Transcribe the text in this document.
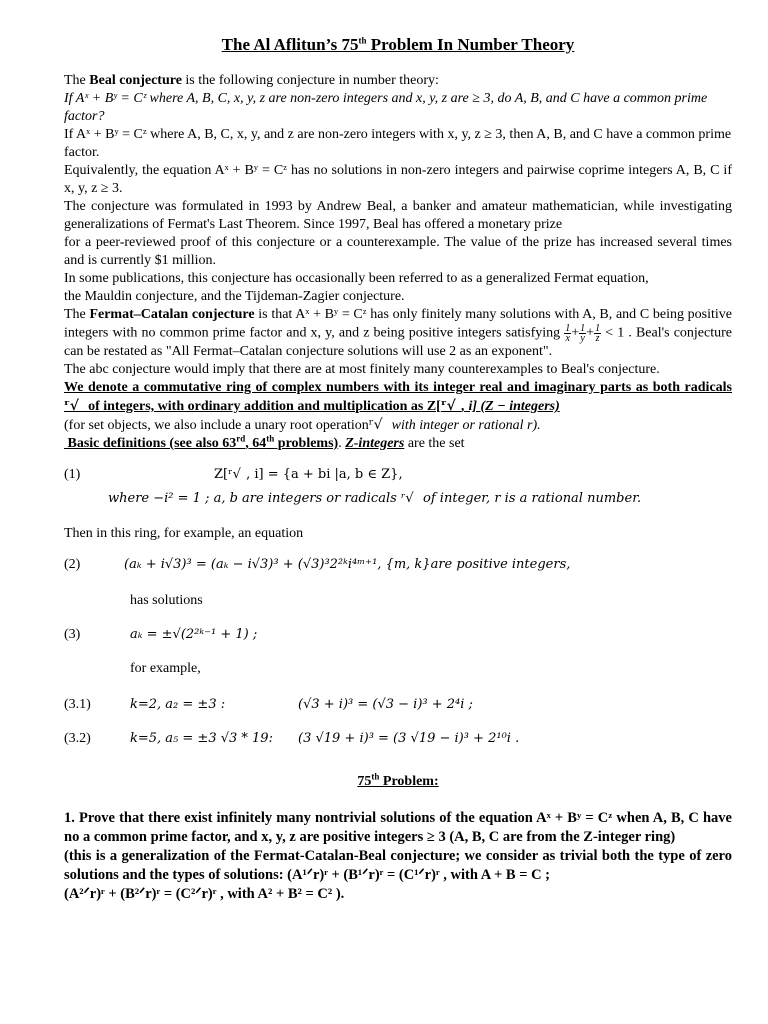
The Al Aflitun’s 75th Problem In Number Theory

The Beal conjecture is the following conjecture in number theory:

If Aˣ + Bʸ = Cᶻ where A, B, C, x, y, z are non-zero integers and x, y, z are ≥ 3, do A, B, and C have a common prime factor?

If Aˣ + Bʸ = Cᶻ where A, B, C, x, y, and z are non-zero integers with x, y, z ≥ 3, then A, B, and C have a common prime factor.

Equivalently, the equation Aˣ + Bʸ = Cᶻ has no solutions in non-zero integers and pairwise coprime integers A, B, C if x, y, z ≥ 3.

The conjecture was formulated in 1993 by Andrew Beal, a banker and amateur mathematician, while investigating generalizations of Fermat's Last Theorem. Since 1997, Beal has offered a monetary prize

for a peer-reviewed proof of this conjecture or a counterexample. The value of the prize has increased several times and is currently $1 million.

In some publications, this conjecture has occasionally been referred to as a generalized Fermat equation,

the Mauldin conjecture, and the Tijdeman-Zagier conjecture.

The Fermat–Catalan conjecture is that Aˣ + Bʸ = Cᶻ has only finitely many solutions with A, B, and C being positive integers with no common prime factor and x, y, and z being positive integers satisfying $\frac{1}{x} + \frac{1}{y} + \frac{1}{z} < 1$ . Beal's conjecture can be restated as "All Fermat–Catalan conjecture solutions will use 2 as an exponent".

The abc conjecture would imply that there are at most finitely many counterexamples to Beal's conjecture.

We denote a commutative ring of complex numbers with its integer real and imaginary parts as both radicals ʳ√   of integers, with ordinary addition and multiplication as Z[ʳ√  , i] (Z − integers)

(for set objects, we also include a unary root operationʳ√   with integer or rational r).

Basic definitions (see also 63rd, 64th problems). Z-integers are the set

(1)	Z[ʳ√  , i] = {a + bi |a, b ∈ Z},
where −i² = 1 ; a, b are integers or radicals ʳ√   of integer, r is a rational number.

Then in this ring, for example, an equation

(2)	(aₖ + i√3)³ = (aₖ − i√3)³ + (√3)³2²ᵏi⁴ᵐ⁺¹, {m, k}are positive integers,
has solutions
(3)	aₖ = ±√(2²ᵏ⁻¹ + 1) ;
for example,
(3.1)	k=2, a₂ = ±3 :	(√3 + i)³ = (√3 − i)³ + 2⁴i ;
(3.2)	k=5, a₅ = ±3 √3 * 19: (3 √19 + i)³ = (3 √19 − i)³ + 2¹⁰i .

75th Problem:

1. Prove that there exist infinitely many nontrivial solutions of the equation Aˣ + Bʸ = Cᶻ when A, B, C have no a common prime factor, and x, y, z are positive integers ≥ 3 (A, B, C are from the Z-integer ring)

(this is a generalization of the Fermat-Catalan-Beal conjecture; we consider as trivial both the type of zero solutions and the types of solutions: (A¹ᐟr)ʳ + (B¹ᐟr)ʳ = (C¹ᐟr)ʳ , with A + B = C ;

(A²ᐟr)ʳ + (B²ᐟr)ʳ = (C²ᐟr)ʳ , with A² + B² = C² ).
